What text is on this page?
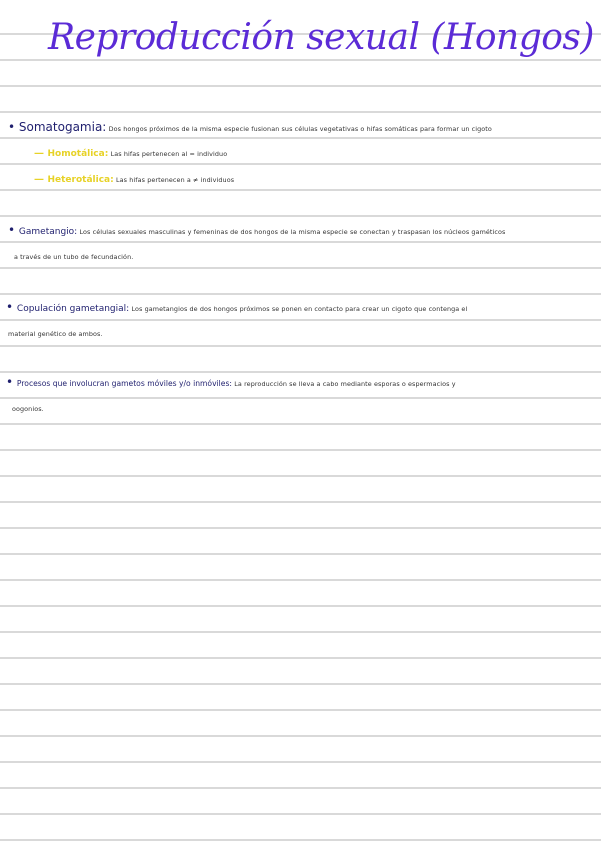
Reproducción sexual (Hongos)
• Somatogamia: Dos hongos próximos de la misma especie fusionan sus células vegetativas o hifas somáticas para formar un cigoto
— Homotálica: Las hifas pertenecen al = individuo
— Heterotálica: Las hifas pertenecen a ≠ individuos
• Gametangio: Los células sexuales masculinas y femeninas de dos hongos de la misma especie se conectan y traspasan los núcleos gaméticos
a través de un tubo de fecundación.
• Copulación gametangial: Los gametangios de dos hongos próximos se ponen en contacto para crear un cigoto que contenga el
material genético de ambos.
• Procesos que involucran gametos móviles y/o inmóviles: La reproducción se lleva a cabo mediante esporas o espermacios y
oogonios.
